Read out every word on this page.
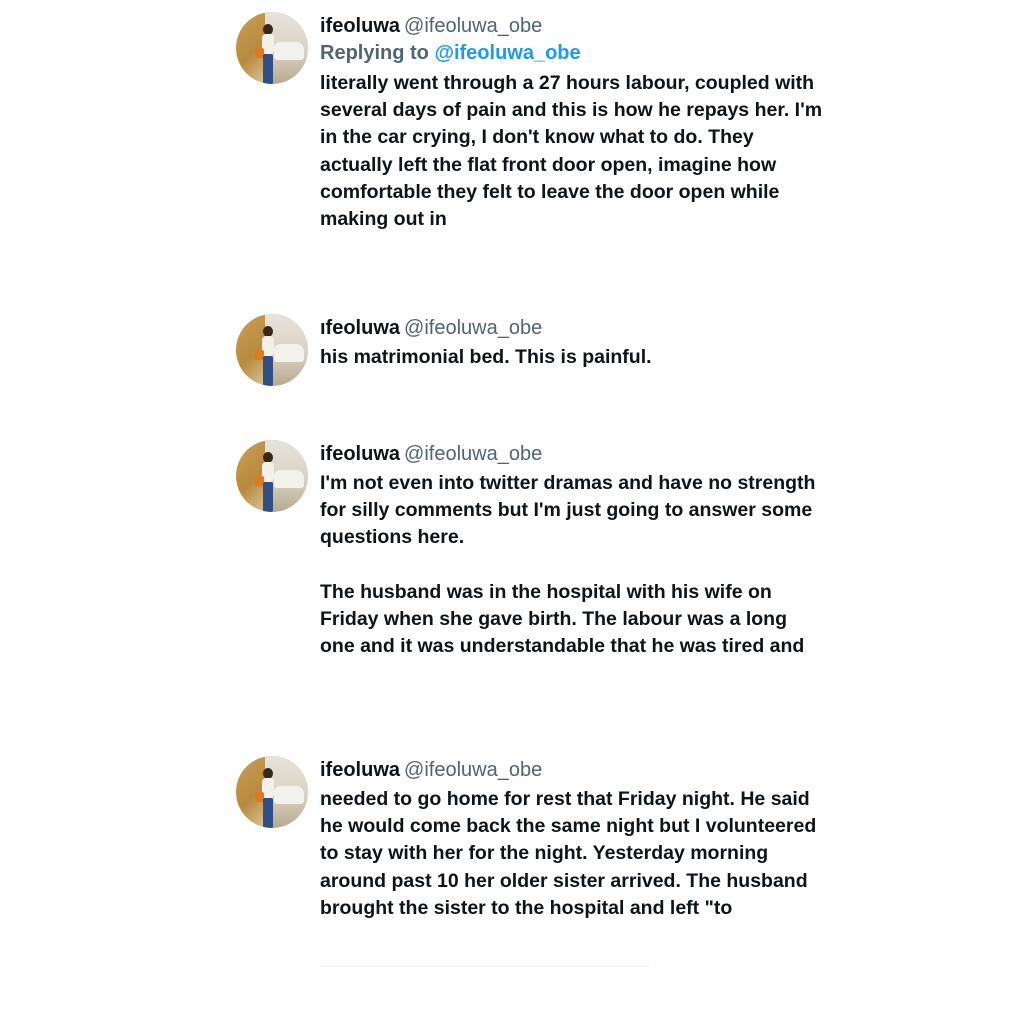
ifeoluwa @ifeoluwa_obe
Replying to @ifeoluwa_obe

literally went through a 27 hours labour, coupled with several days of pain and this is how he repays her. I'm in the car crying, I don't know what to do. They actually left the flat front door open, imagine how comfortable they felt to leave the door open while making out in

ıfeoluwa @ifeoluwa_obe

his matrimonial bed. This is painful.

ifeoluwa @ifeoluwa_obe

I'm not even into twitter dramas and have no strength for silly comments but I'm just going to answer some questions here.

The husband was in the hospital with his wife on Friday when she gave birth. The labour was a long one and it was understandable that he was tired and

ifeoluwa @ifeoluwa_obe

needed to go home for rest that Friday night. He said he would come back the same night but I volunteered to stay with her for the night. Yesterday morning around past 10 her older sister arrived. The husband brought the sister to the hospital and left "to
